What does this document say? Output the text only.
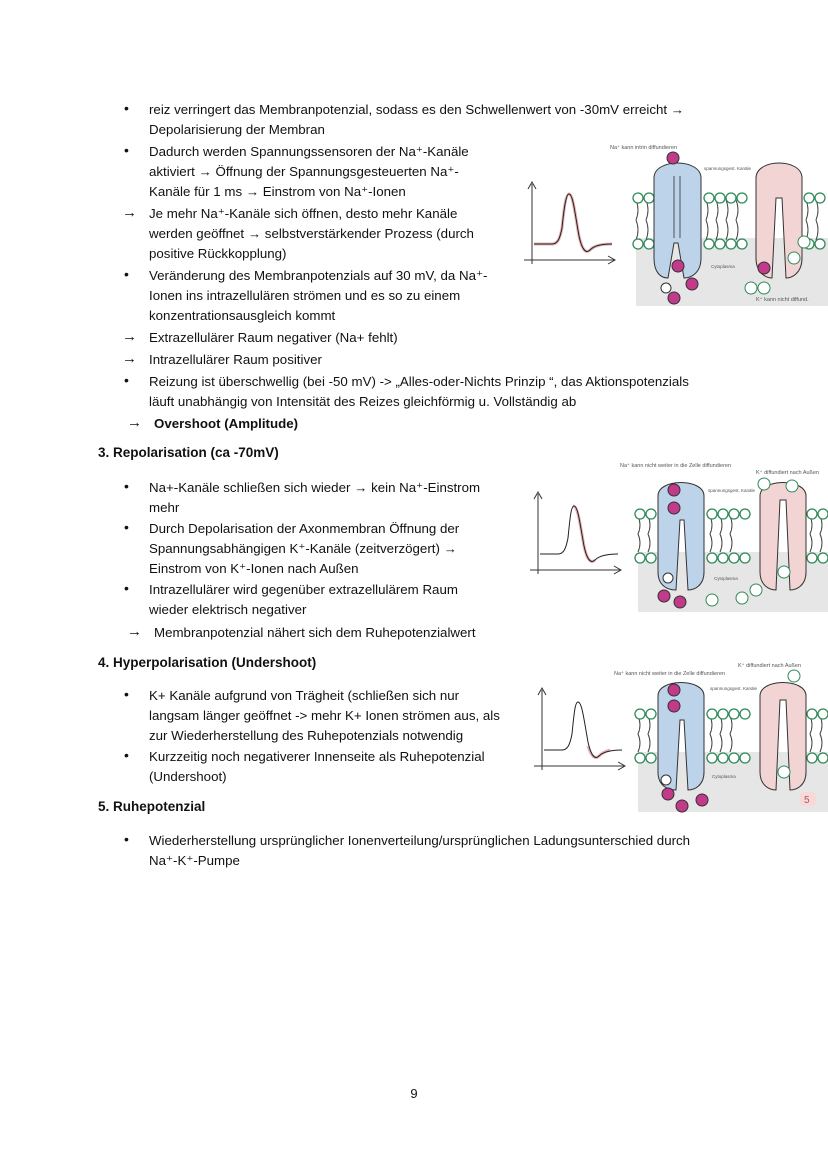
• reiz verringert das Membranpotenzial, sodass es den Schwellenwert von -30mV erreicht →
Depolarisierung der Membran
• Dadurch werden Spannungssensoren der Na⁺-Kanäle
aktiviert → Öffnung der Spannungsgesteuerten Na⁺-
Kanäle für 1 ms → Einstrom von Na⁺-Ionen
→ Je mehr Na⁺-Kanäle sich öffnen, desto mehr Kanäle
werden geöffnet → selbstverstärkender Prozess (durch
positive Rückkopplung)
• Veränderung des Membranpotenzials auf 30 mV, da Na⁺-
Ionen ins intrazellulären strömen und es so zu einem
konzentrationsausgleich kommt
→ Extrazellulärer Raum negativer (Na+ fehlt)
→ Intrazellulärer Raum positiver
• Reizung ist überschwellig (bei -50 mV) -> „Alles-oder-Nichts Prinzip “, das Aktionspotenzials
läuft unabhängig von Intensität des Reizes gleichförmig u. Vollständig ab
→ Overshoot (Amplitude)
Na⁺ kann intrin diffundieren
spannungsgest. Kanäle
Cytoplasma
K⁺ kann nicht diffund.
3. Repolarisation (ca -70mV)
• Na+-Kanäle schließen sich wieder → kein Na⁺-Einstrom
mehr
• Durch Depolarisation der Axonmembran Öffnung der
Spannungsabhängigen K⁺-Kanäle (zeitverzögert) →
Einstrom von K⁺-Ionen nach Außen
• Intrazellulärer wird gegenüber extrazellulärem Raum
wieder elektrisch negativer
→ Membranpotenzial nähert sich dem Ruhepotenzialwert
Na⁺ kann nicht weiter in die Zelle diffundieren
K⁺ diffundiert nach Außen
spannungsgest. Kanäle
Cytoplasma
4. Hyperpolarisation (Undershoot)
• K+ Kanäle aufgrund von Trägheit (schließen sich nur
langsam länger geöffnet -> mehr K+ Ionen strömen aus, als
zur Wiederherstellung des Ruhepotenzials notwendig
• Kurzzeitig noch negativerer Innenseite als Ruhepotenzial
(Undershoot)
5
Na⁺ kann nicht weiter in die Zelle diffundieren
K⁺ diffundiert nach Außen
spannungsgest. Kanäle
Cytoplasma
5. Ruhepotenzial
• Wiederherstellung ursprünglicher Ionenverteilung/ursprünglichen Ladungsunterschied durch
Na⁺-K⁺-Pumpe
9
